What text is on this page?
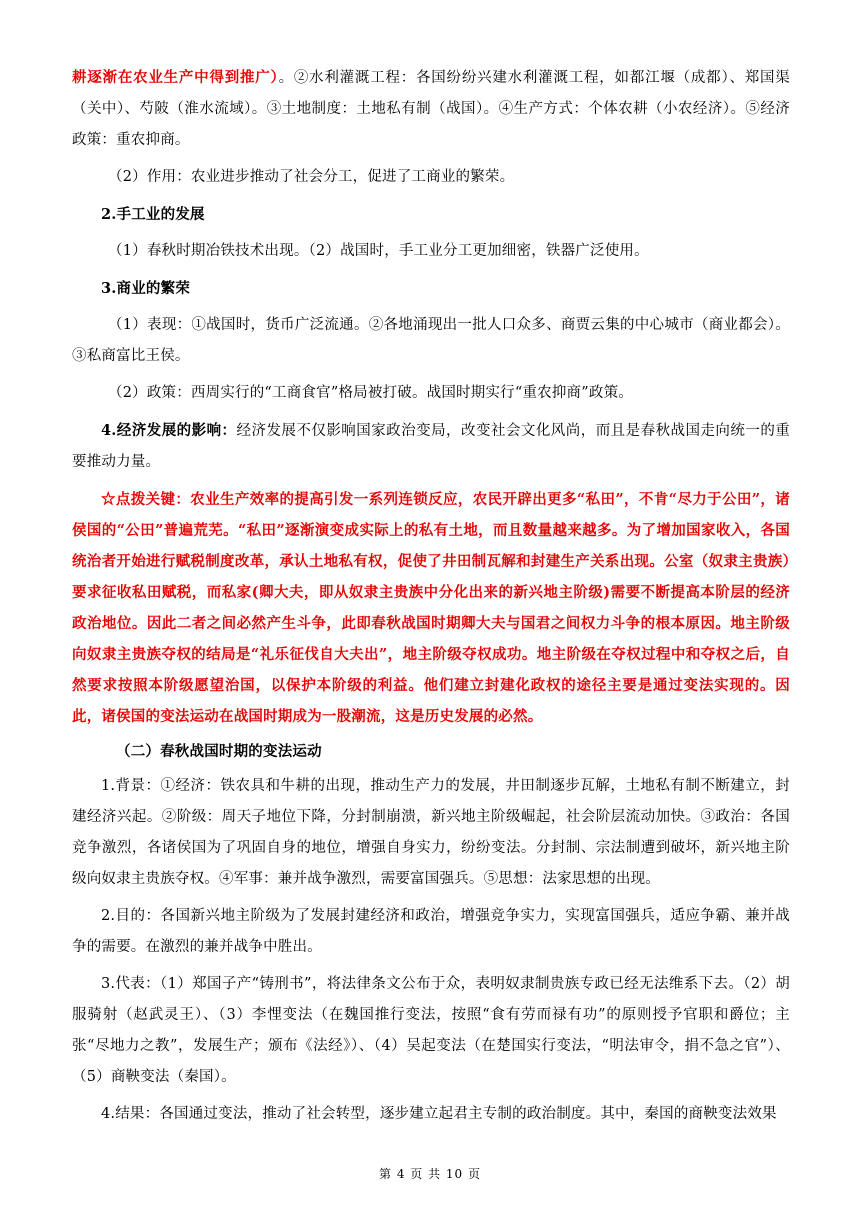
耕逐渐在农业生产中得到推广）。②水利灌溉工程：各国纷纷兴建水利灌溉工程，如都江堰（成都）、郑国渠（关中）、芍陂（淮水流域）。③土地制度：土地私有制（战国）。④生产方式：个体农耕（小农经济）。⑤经济政策：重农抑商。

（2）作用：农业进步推动了社会分工，促进了工商业的繁荣。

2.手工业的发展

（1）春秋时期冶铁技术出现。（2）战国时，手工业分工更加细密，铁器广泛使用。

3.商业的繁荣

（1）表现：①战国时，货币广泛流通。②各地涌现出一批人口众多、商贾云集的中心城市（商业都会）。③私商富比王侯。

（2）政策：西周实行的“工商食官”格局被打破。战国时期实行“重农抑商”政策。

4.经济发展的影响：经济发展不仅影响国家政治变局，改变社会文化风尚，而且是春秋战国走向统一的重要推动力量。

☆点拨关键：农业生产效率的提高引发一系列连锁反应，农民开辟出更多“私田”，不肯“尽力于公田”，诸侯国的“公田”普遍荒芜。“私田”逐渐演变成实际上的私有土地，而且数量越来越多。为了增加国家收入，各国统治者开始进行赋税制度改革，承认土地私有权，促使了井田制瓦解和封建生产关系出现。公室（奴隶主贵族）要求征收私田赋税，而私家(卿大夫，即从奴隶主贵族中分化出来的新兴地主阶级)需要不断提高本阶层的经济政治地位。因此二者之间必然产生斗争，此即春秋战国时期卿大夫与国君之间权力斗争的根本原因。地主阶级向奴隶主贵族夺权的结局是“礼乐征伐自大夫出”，地主阶级夺权成功。地主阶级在夺权过程中和夺权之后，自然要求按照本阶级愿望治国，以保护本阶级的利益。他们建立封建化政权的途径主要是通过变法实现的。因此，诸侯国的变法运动在战国时期成为一股潮流，这是历史发展的必然。

（二）春秋战国时期的变法运动

1.背景：①经济：铁农具和牛耕的出现，推动生产力的发展，井田制逐步瓦解，土地私有制不断建立，封建经济兴起。②阶级：周天子地位下降，分封制崩溃，新兴地主阶级崛起，社会阶层流动加快。③政治：各国竞争激烈，各诸侯国为了巩固自身的地位，增强自身实力，纷纷变法。分封制、宗法制遭到破坏，新兴地主阶级向奴隶主贵族夺权。④军事：兼并战争激烈，需要富国强兵。⑤思想：法家思想的出现。

2.目的：各国新兴地主阶级为了发展封建经济和政治，增强竞争实力，实现富国强兵，适应争霸、兼并战争的需要。在激烈的兼并战争中胜出。

3.代表：（1）郑国子产“铸刑书”，将法律条文公布于众，表明奴隶制贵族专政已经无法维系下去。（2）胡服骑射（赵武灵王）、（3）李悝变法（在魏国推行变法，按照“食有劳而禄有功”的原则授予官职和爵位；主张“尽地力之教”，发展生产；颁布《法经》）、（4）吴起变法（在楚国实行变法，“明法审令，捐不急之官”）、（5）商鞅变法（秦国）。

4.结果：各国通过变法，推动了社会转型，逐步建立起君主专制的政治制度。其中，秦国的商鞅变法效果

第 4 页 共 10 页
